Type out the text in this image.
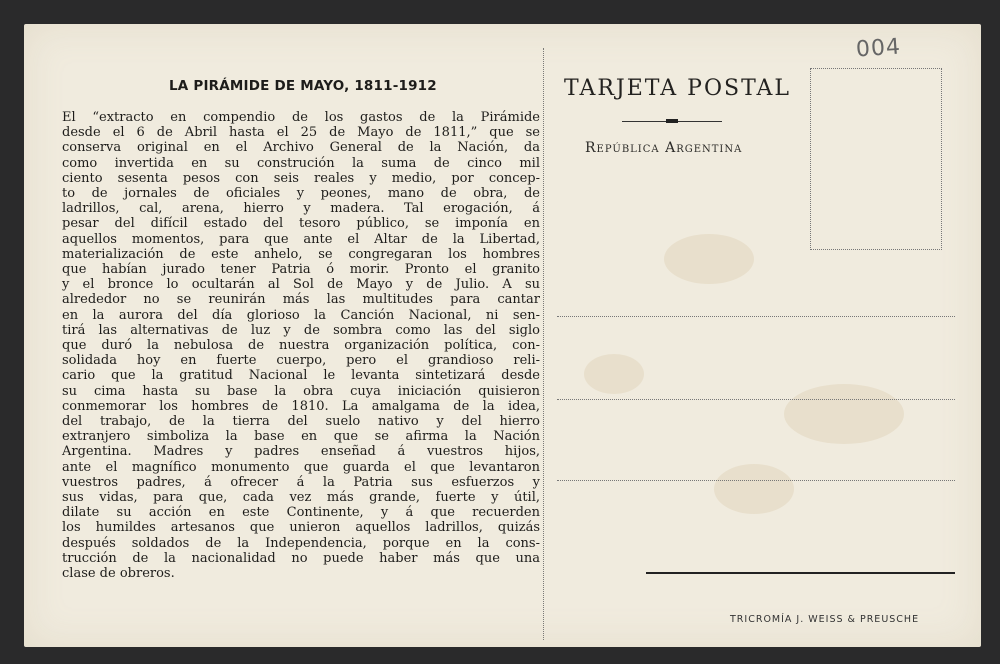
LA PIRÁMIDE DE MAYO, 1811-1912
El “extracto en compendio de los gastos de la Pirámide
desde el 6 de Abril hasta el 25 de Mayo de 1811,” que se
conserva original en el Archivo General de la Nación, da
como invertida en su construción la suma de cinco mil
ciento sesenta pesos con seis reales y medio, por concep-
to de jornales de oficiales y peones, mano de obra, de
ladrillos, cal, arena, hierro y madera. Tal erogación, á
pesar del difícil estado del tesoro público, se imponía en
aquellos momentos, para que ante el Altar de la Libertad,
materialización de este anhelo, se congregaran los hombres
que habían jurado tener Patria ó morir. Pronto el granito
y el bronce lo ocultarán al Sol de Mayo y de Julio. A su
alrededor no se reunirán más las multitudes para cantar
en la aurora del día glorioso la Canción Nacional, ni sen-
tirá las alternativas de luz y de sombra como las del siglo
que duró la nebulosa de nuestra organización política, con-
solidada hoy en fuerte cuerpo, pero el grandioso reli-
cario que la gratitud Nacional le levanta sintetizará desde
su cima hasta su base la obra cuya iniciación quisieron
conmemorar los hombres de 1810. La amalgama de la idea,
del trabajo, de la tierra del suelo nativo y del hierro
extranjero simboliza la base en que se afirma la Nación
Argentina. Madres y padres enseñad á vuestros hijos,
ante el magnífico monumento que guarda el que levantaron
vuestros padres, á ofrecer á la Patria sus esfuerzos y
sus vidas, para que, cada vez más grande, fuerte y útil,
dilate su acción en este Continente, y á que recuerden
los humildes artesanos que unieron aquellos ladrillos, quizás
después soldados de la Independencia, porque en la cons-
trucción de la nacionalidad no puede haber más que una
clase de obreros.
TARJETA POSTAL
República Argentina
004
TRICROMÍA J. WEISS & PREUSCHE
